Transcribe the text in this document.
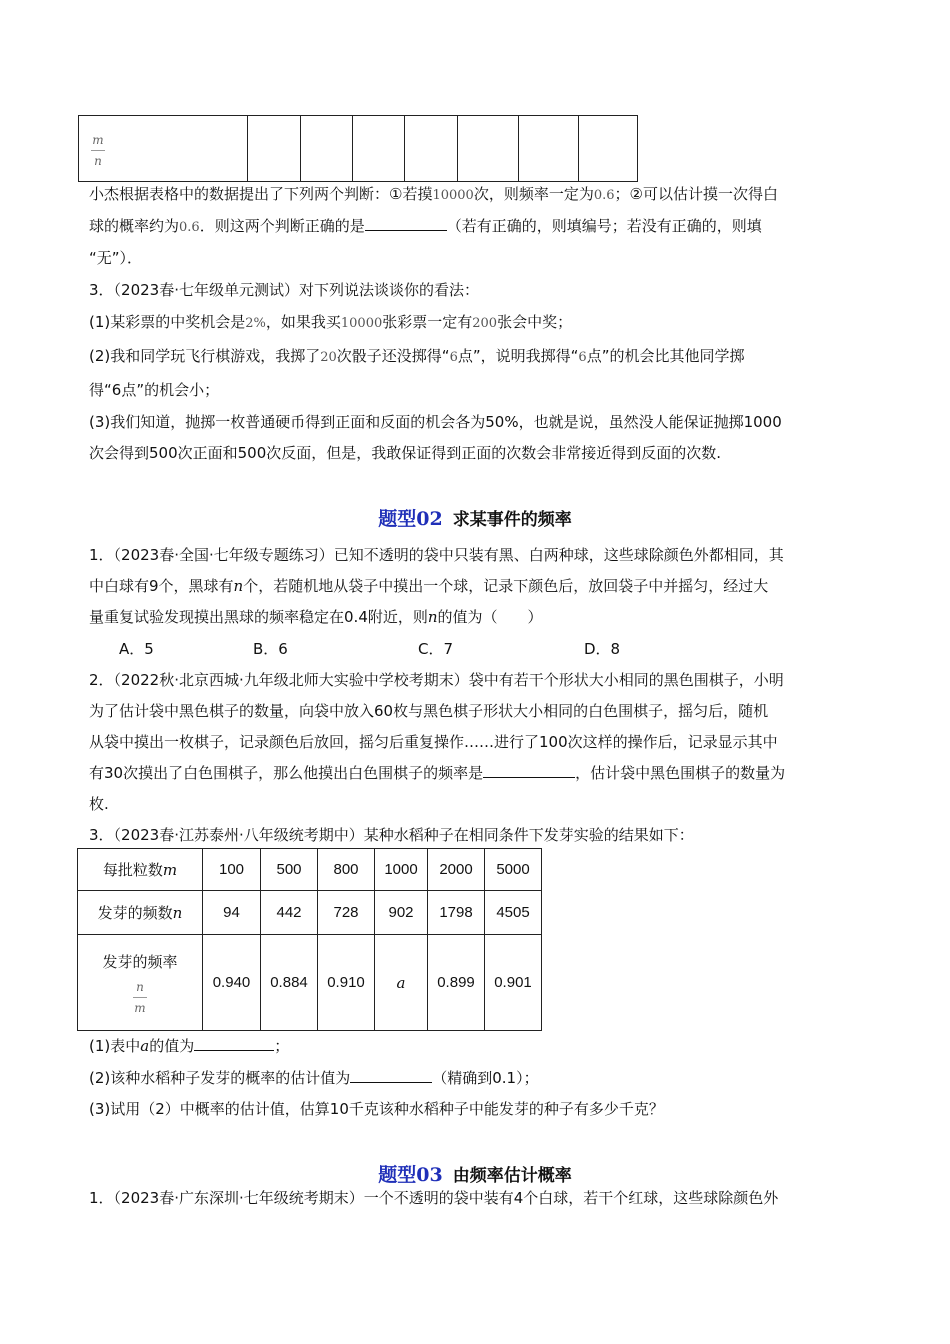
$\frac{m}{n}$

小杰根据表格中的数据提出了下列两个判断：①若摸10000次，则频率一定为0.6；②可以估计摸一次得白
球的概率约为0.6．则这两个判断正确的是	（若有正确的，则填编号；若没有正确的，则填
“无”）．
3．（2023春·七年级单元测试）对下列说法谈谈你的看法：
(1)某彩票的中奖机会是2%，如果我买10000张彩票一定有200张会中奖；
(2)我和同学玩飞行棋游戏，我掷了20次骰子还没掷得“6点”，说明我掷得“6点”的机会比其他同学掷
得“6点”的机会小；
(3)我们知道，抛掷一枚普通硬币得到正面和反面的机会各为50%，也就是说，虽然没人能保证抛掷1000
次会得到500次正面和500次反面，但是，我敢保证得到正面的次数会非常接近得到反面的次数.
题型02 求某事件的频率
1．（2023春·全国·七年级专题练习）已知不透明的袋中只装有黑、白两种球，这些球除颜色外都相同，其
中白球有9个，黑球有n个，若随机地从袋子中摸出一个球，记录下颜色后，放回袋子中并摇匀，经过大
量重复试验发现摸出黑球的频率稳定在0.4附近，则n的值为（　　）
A．5	B．6	C．7	D．8
2．（2022秋·北京西城·九年级北师大实验中学校考期末）袋中有若干个形状大小相同的黑色围棋子，小明
为了估计袋中黑色棋子的数量，向袋中放入60枚与黑色棋子形状大小相同的白色围棋子，摇匀后，随机
从袋中摸出一枚棋子，记录颜色后放回，摇匀后重复操作……进行了100次这样的操作后，记录显示其中
有30次摸出了白色围棋子，那么他摸出白色围棋子的频率是	，估计袋中黑色围棋子的数量为
枚.
3．（2023春·江苏泰州·八年级统考期中）某种水稻种子在相同条件下发芽实验的结果如下：
每批粒数m	100	500	800	1000	2000	5000
发芽的频数n	94	442	728	902	1798	4505

发芽的频率
$\frac{n}{m}$	0.940	0.884	0.910	a	0.899	0.901
(1)表中a的值为	；
(2)该种水稻种子发芽的概率的估计值为	（精确到0.1）；
(3)试用（2）中概率的估计值，估算10千克该种水稻种子中能发芽的种子有多少千克？
题型03 由频率估计概率
1．（2023春·广东深圳·七年级统考期末）一个不透明的袋中装有4个白球，若干个红球，这些球除颜色外
